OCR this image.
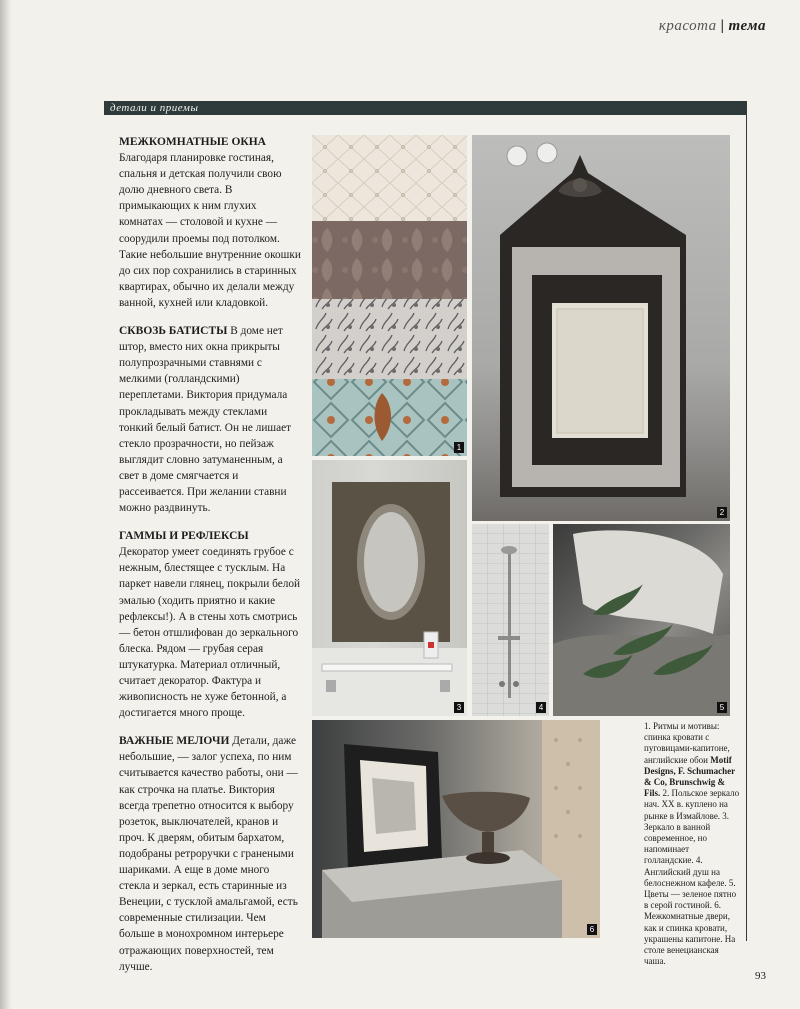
красота | тема
детали и приемы

МЕЖКОМНАТНЫЕ ОКНА
Благодаря планировке гостиная, спальня и детская получили свою долю дневного света. В примыкающих к ним глухих комнатах — столовой и кухне — соорудили проемы под потолком. Такие небольшие внутренние окошки до сих пор сохранились в старинных квартирах, обычно их делали между ванной, кухней или кладовкой.

СКВОЗЬ БАТИСТЫ В доме нет штор, вместо них окна прикрыты полупрозрачными ставнями с мелкими (голландскими) переплетами. Виктория придумала прокладывать между стеклами тонкий белый батист. Он не лишает стекло прозрачности, но пейзаж выглядит словно затуманенным, а свет в доме смягчается и рассеивается. При желании ставни можно раздвинуть.

ГАММЫ И РЕФЛЕКСЫ Декоратор умеет соединять грубое с нежным, блестящее с тусклым. На паркет навели глянец, покрыли белой эмалью (ходить приятно и какие рефлексы!). А в стены хоть смотрись — бетон отшлифован до зеркального блеска. Рядом — грубая серая штукатурка. Материал отличный, считает декоратор. Фактура и живописность не хуже бетонной, а достигается много проще.

ВАЖНЫЕ МЕЛОЧИ Детали, даже небольшие, — залог успеха, по ним считывается качество работы, они — как строчка на платье. Виктория всегда трепетно относится к выбору розеток, выключателей, кранов и проч. К дверям, обитым бархатом, подобраны ретроручки с гранеными шариками. А еще в доме много стекла и зеркал, есть старинные из Венеции, с тусклой амальгамой, есть современные стилизации. Чем больше в монохромном интерьере отражающих поверхностей, тем лучше.

1
2
3	4	5
6

1. Ритмы и мотивы: спинка кровати с пуговицами-капитоне, английские обои Motif Designs, F. Schumacher & Co, Brunschwig & Fils. 2. Польское зеркало нач. XX в. куплено на рынке в Измайлове. 3. Зеркало в ванной современное, но напоминает голландские. 4. Английский душ на белоснежном кафеле. 5. Цветы — зеленое пятно в серой гостиной. 6. Межкомнатные двери, как и спинка кровати, украшены капитоне. На столе венецианская чаша.

93
